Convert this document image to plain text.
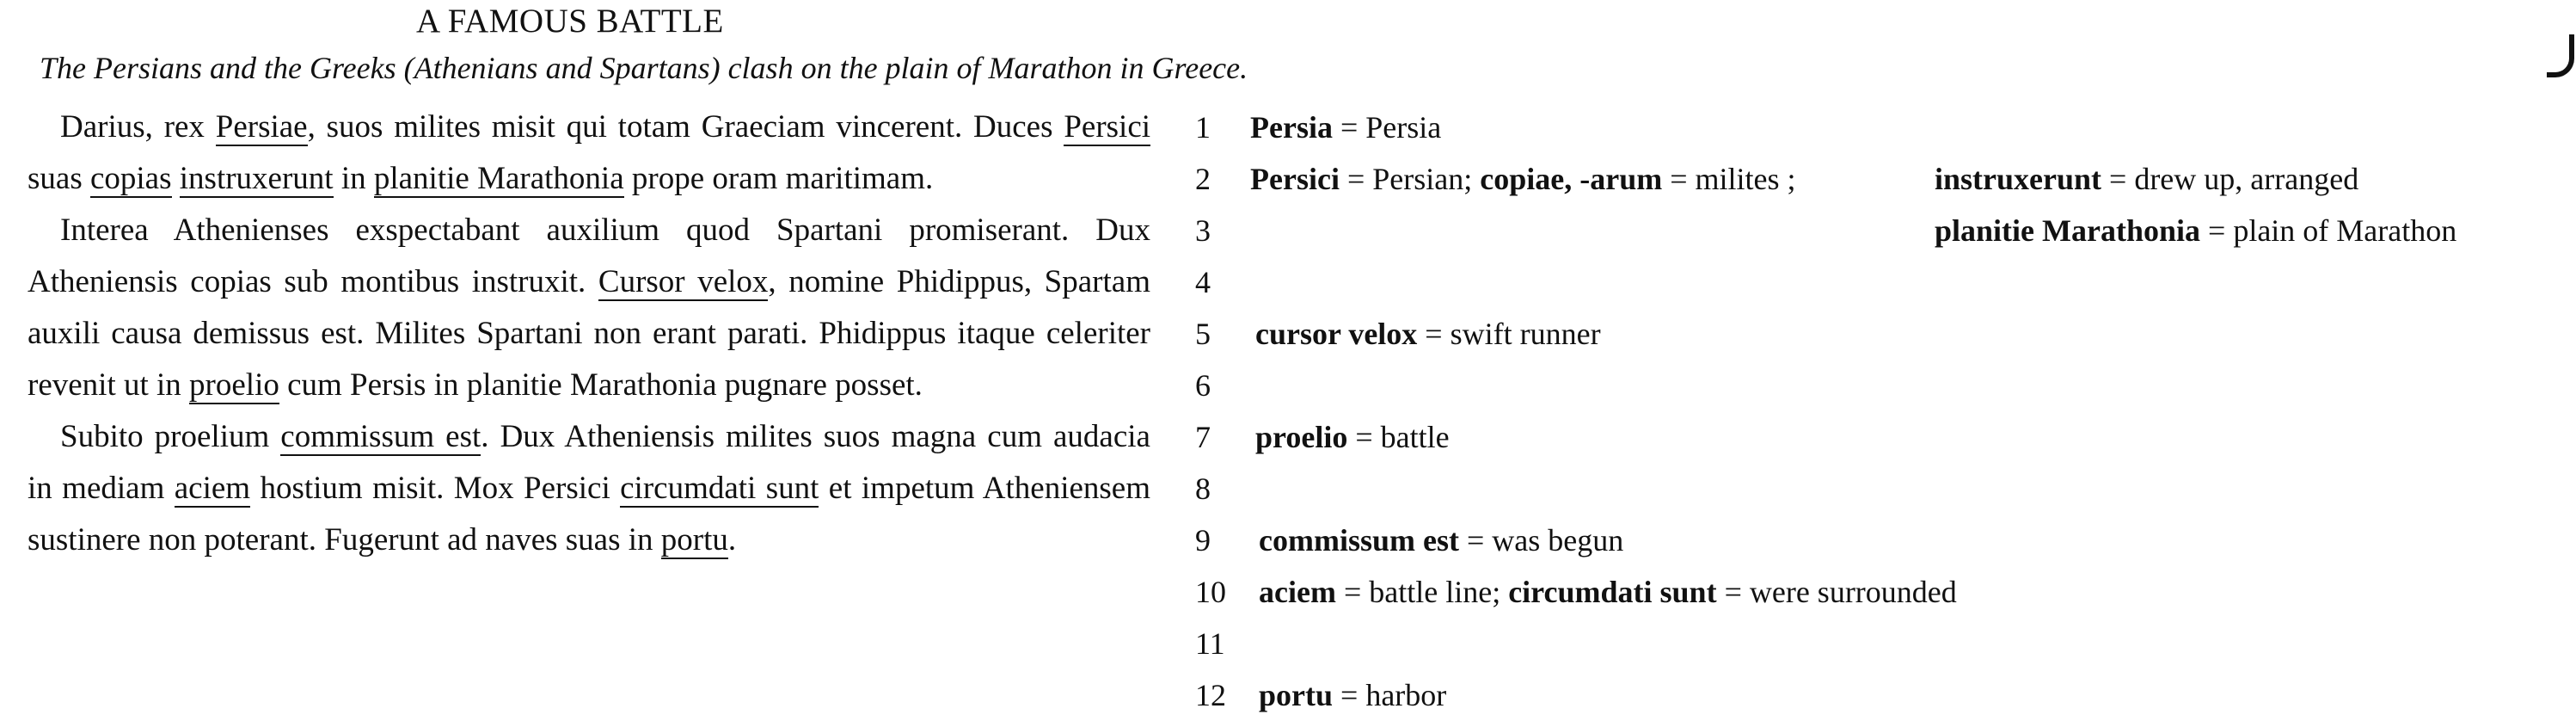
A FAMOUS BATTLE
The Persians and the Greeks (Athenians and Spartans) clash on the plain of Marathon in Greece.

Darius, rex Persiae, suos milites misit qui totam Graeciam vincerent. Duces Persici suas copias instruxerunt in planitie Marathonia prope oram maritimam.

Interea Athenienses exspectabant auxilium quod Spartani promiserant. Dux Atheniensis copias sub montibus instruxit. Cursor velox, nomine Phidippus, Spartam auxili causa demissus est. Milites Spartani non erant parati. Phidippus itaque celeriter revenit ut in proelio cum Persis in planitie Marathonia pugnare posset.

Subito proelium commissum est. Dux Atheniensis milites suos magna cum audacia in mediam aciem hostium misit. Mox Persici circumdati sunt et impetum Atheniensem sustinere non poterant. Fugerunt ad naves suas in portu.

1
2
3
4
5
6
7
8
9
10
11
12
Persia = Persia
Persici = Persian; copiae, -arum = milites ;	instruxerunt = drew up, arranged
planitie Marathonia = plain of Marathon
cursor velox = swift runner
proelio = battle
commissum est = was begun
aciem = battle line; circumdati sunt = were surrounded
portu = harbor
